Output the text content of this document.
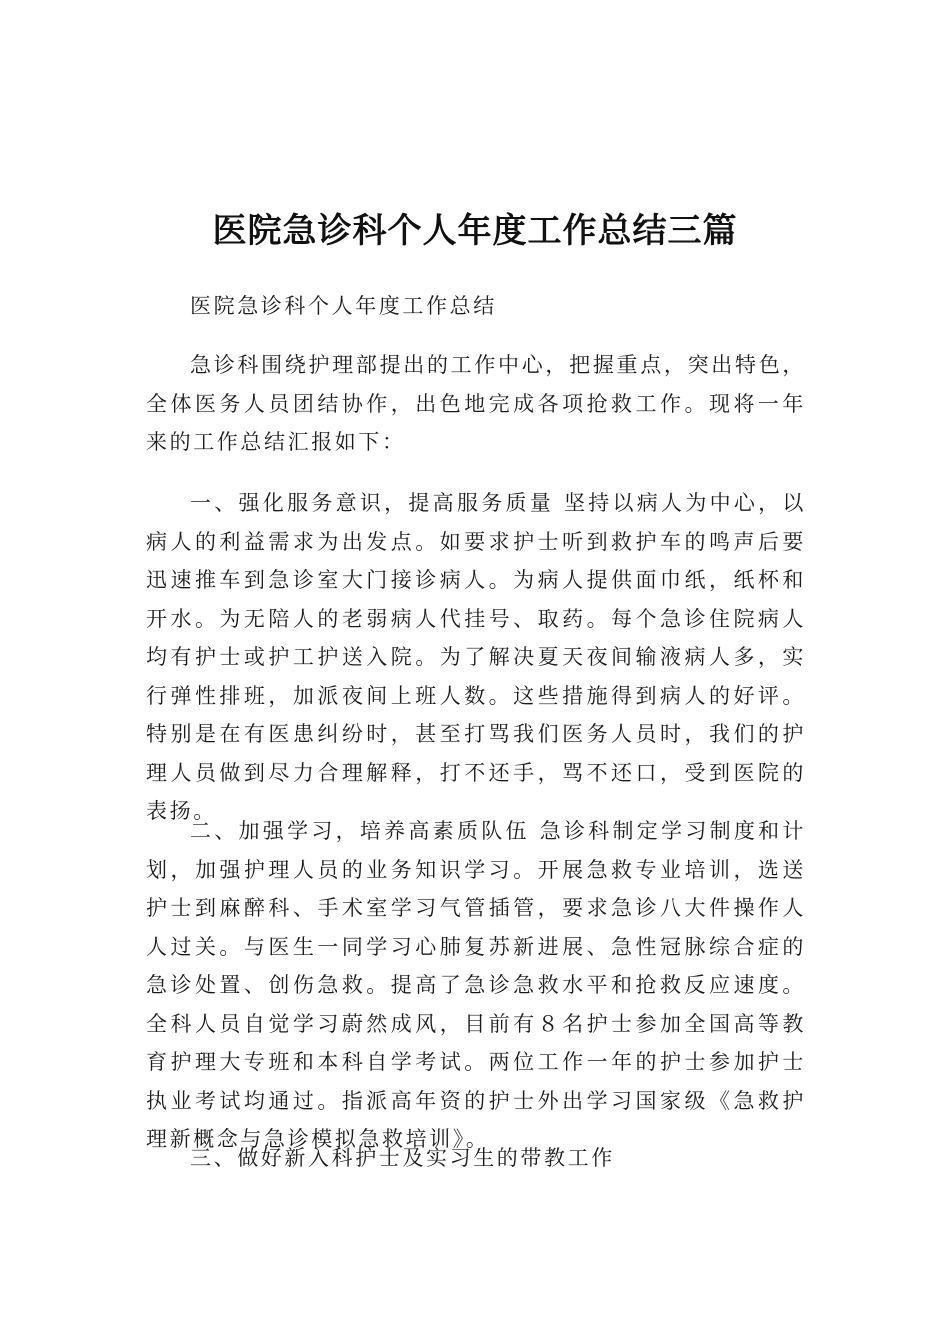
医院急诊科个人年度工作总结三篇

医院急诊科个人年度工作总结

急诊科围绕护理部提出的工作中心，把握重点，突出特色，全体医务人员团结协作，出色地完成各项抢救工作。现将一年来的工作总结汇报如下：

一、强化服务意识，提高服务质量 坚持以病人为中心，以病人的利益需求为出发点。如要求护士听到救护车的鸣声后要迅速推车到急诊室大门接诊病人。为病人提供面巾纸，纸杯和开水。为无陪人的老弱病人代挂号、取药。每个急诊住院病人均有护士或护工护送入院。为了解决夏天夜间输液病人多，实行弹性排班，加派夜间上班人数。这些措施得到病人的好评。特别是在有医患纠纷时，甚至打骂我们医务人员时，我们的护理人员做到尽力合理解释，打不还手，骂不还口，受到医院的表扬。

二、加强学习，培养高素质队伍 急诊科制定学习制度和计划，加强护理人员的业务知识学习。开展急救专业培训，选送护士到麻醉科、手术室学习气管插管，要求急诊八大件操作人人过关。与医生一同学习心肺复苏新进展、急性冠脉综合症的急诊处置、创伤急救。提高了急诊急救水平和抢救反应速度。全科人员自觉学习蔚然成风，目前有８名护士参加全国高等教育护理大专班和本科自学考试。两位工作一年的护士参加护士执业考试均通过。指派高年资的护士外出学习国家级《急救护理新概念与急诊模拟急救培训》。

三、做好新入科护士及实习生的带教工作
